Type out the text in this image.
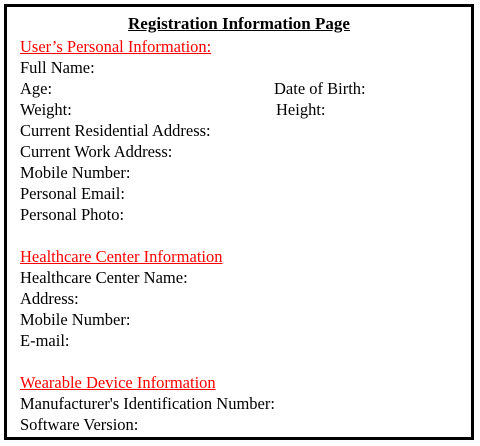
Registration Information Page
User’s Personal Information:
Full Name:
Age:	Date of Birth:
Weight:	Height:
Current Residential Address:
Current Work Address:
Mobile Number:
Personal Email:
Personal Photo:
Healthcare Center Information
Healthcare Center Name:
Address:
Mobile Number:
E-mail:
Wearable Device Information
Manufacturer's Identification Number:
Software Version:
